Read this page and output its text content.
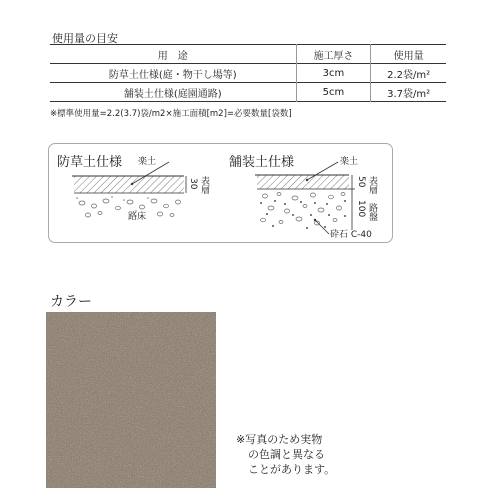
使用量の目安
用　途	施工厚さ	使用量
防草土仕様(庭・物干し場等)	3cm	2.2袋/m²
舗装土仕様(庭園通路)	5cm	3.7袋/m²
※標準使用量=2.2(3.7)袋/m2×施工面積[m2]=必要数量[袋数]
防草土仕様 楽土
30 表層
路床
舗装土仕様	楽土
50 表層
100 路盤
砕石 C-40
カラー
※写真のため実物
の色調と異なる
ことがあります。
